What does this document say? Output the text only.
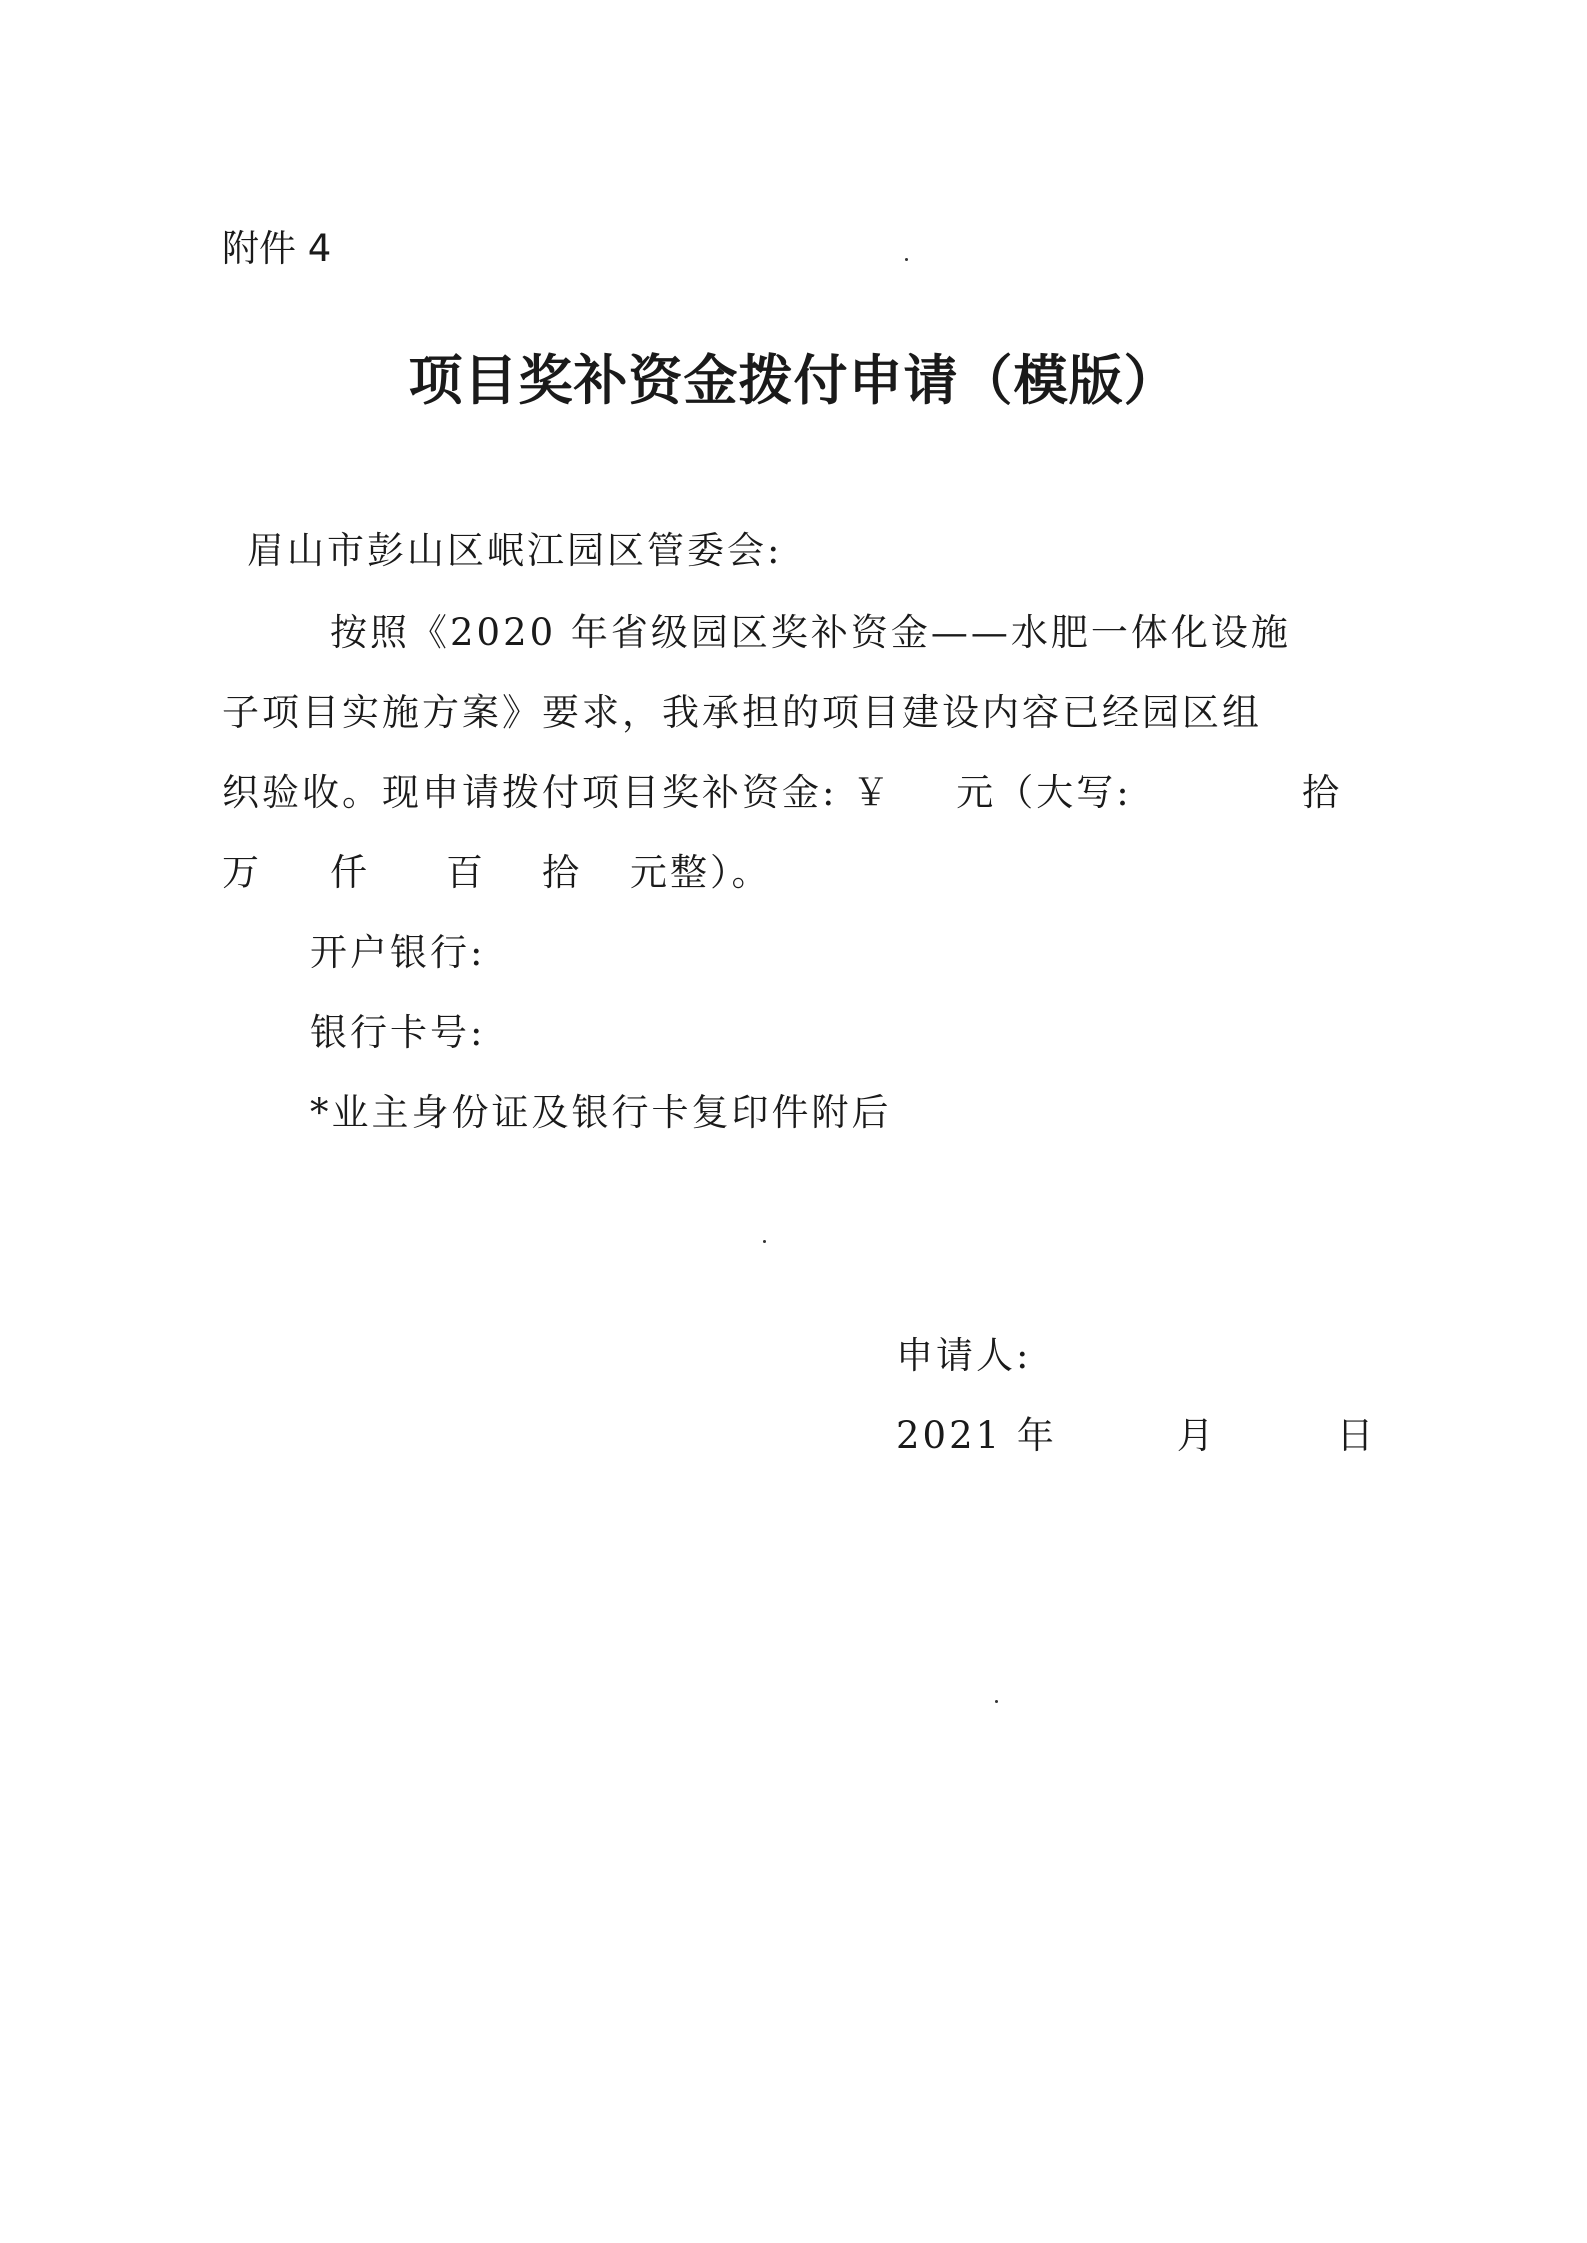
附件 4
项目奖补资金拨付申请（模版）
眉山市彭山区岷江园区管委会:
按照《2020 年省级园区奖补资金——水肥一体化设施
子项目实施方案》要求，我承担的项目建设内容已经园区组
织验收。现申请拨付项目奖补资金: ￥ 元（大写:	拾
万 仟 百 拾 元整）。
开户银行:
银行卡号:
*业主身份证及银行卡复印件附后
申请人:
2021 年	月	日
